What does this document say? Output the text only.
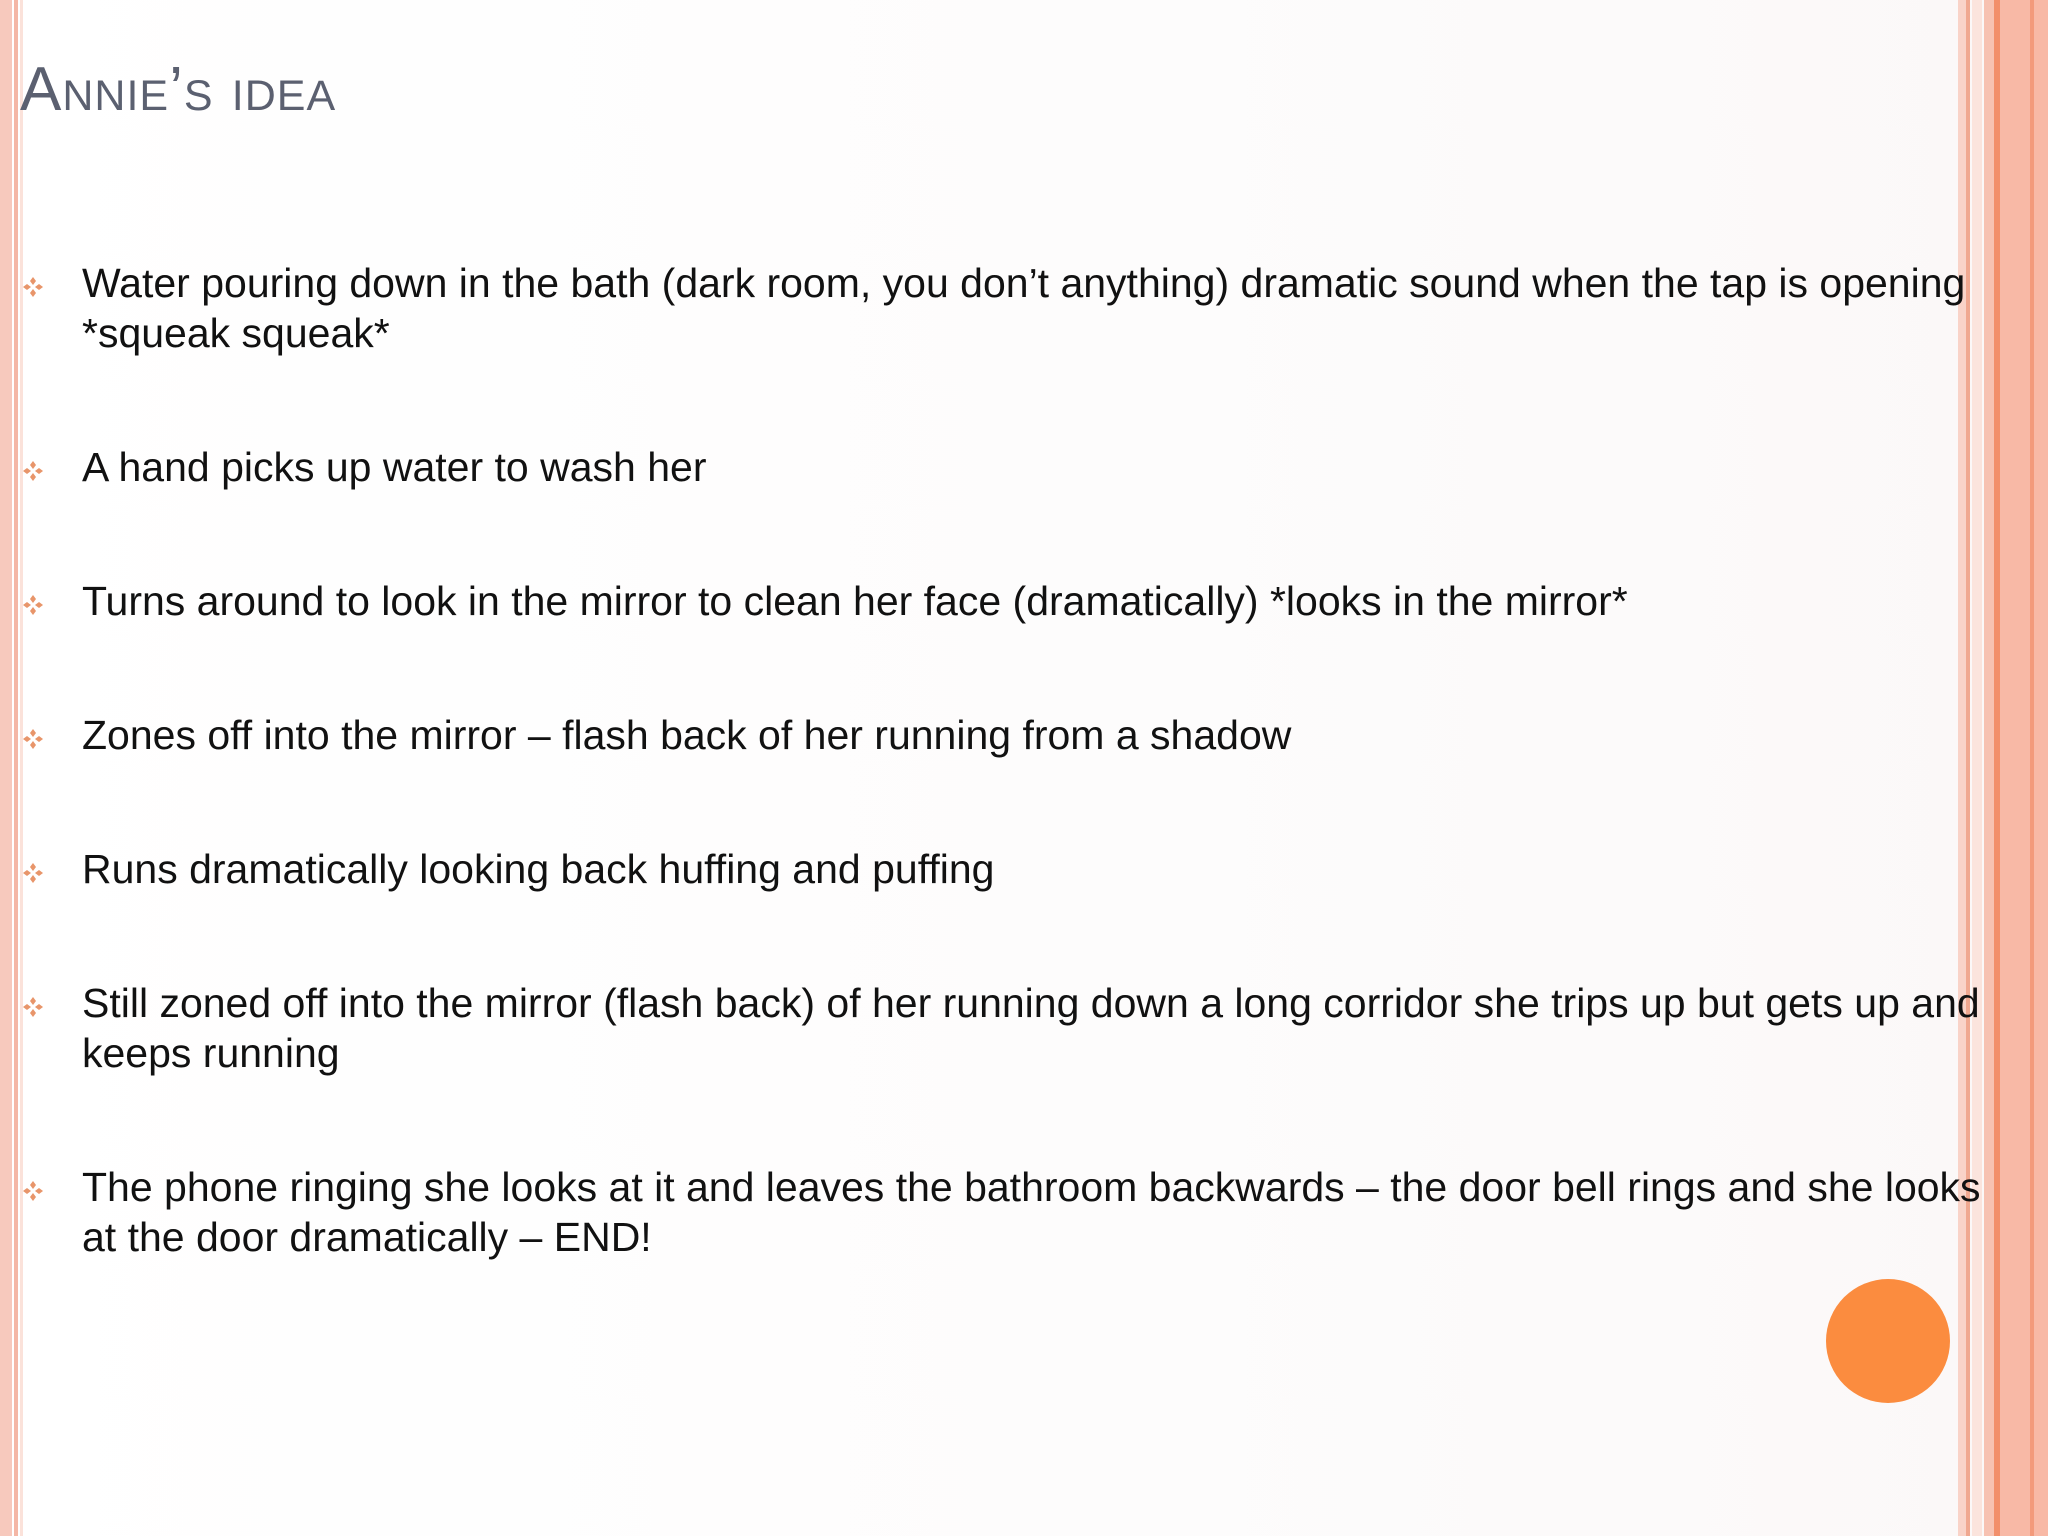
Annie’s idea
Water pouring down in the bath (dark room, you don’t anything) dramatic sound when the tap is opening *squeak squeak*
A hand picks up water to wash her
Turns around to look in the mirror to clean her face (dramatically) *looks in the mirror*
Zones off into the mirror – flash back of her running from a shadow
Runs dramatically looking back huffing and puffing
Still zoned off into the mirror (flash back) of her running down a long corridor she trips up but gets up and keeps running
The phone ringing she looks at it and leaves the bathroom backwards – the door bell rings and she looks at the door dramatically – END!
